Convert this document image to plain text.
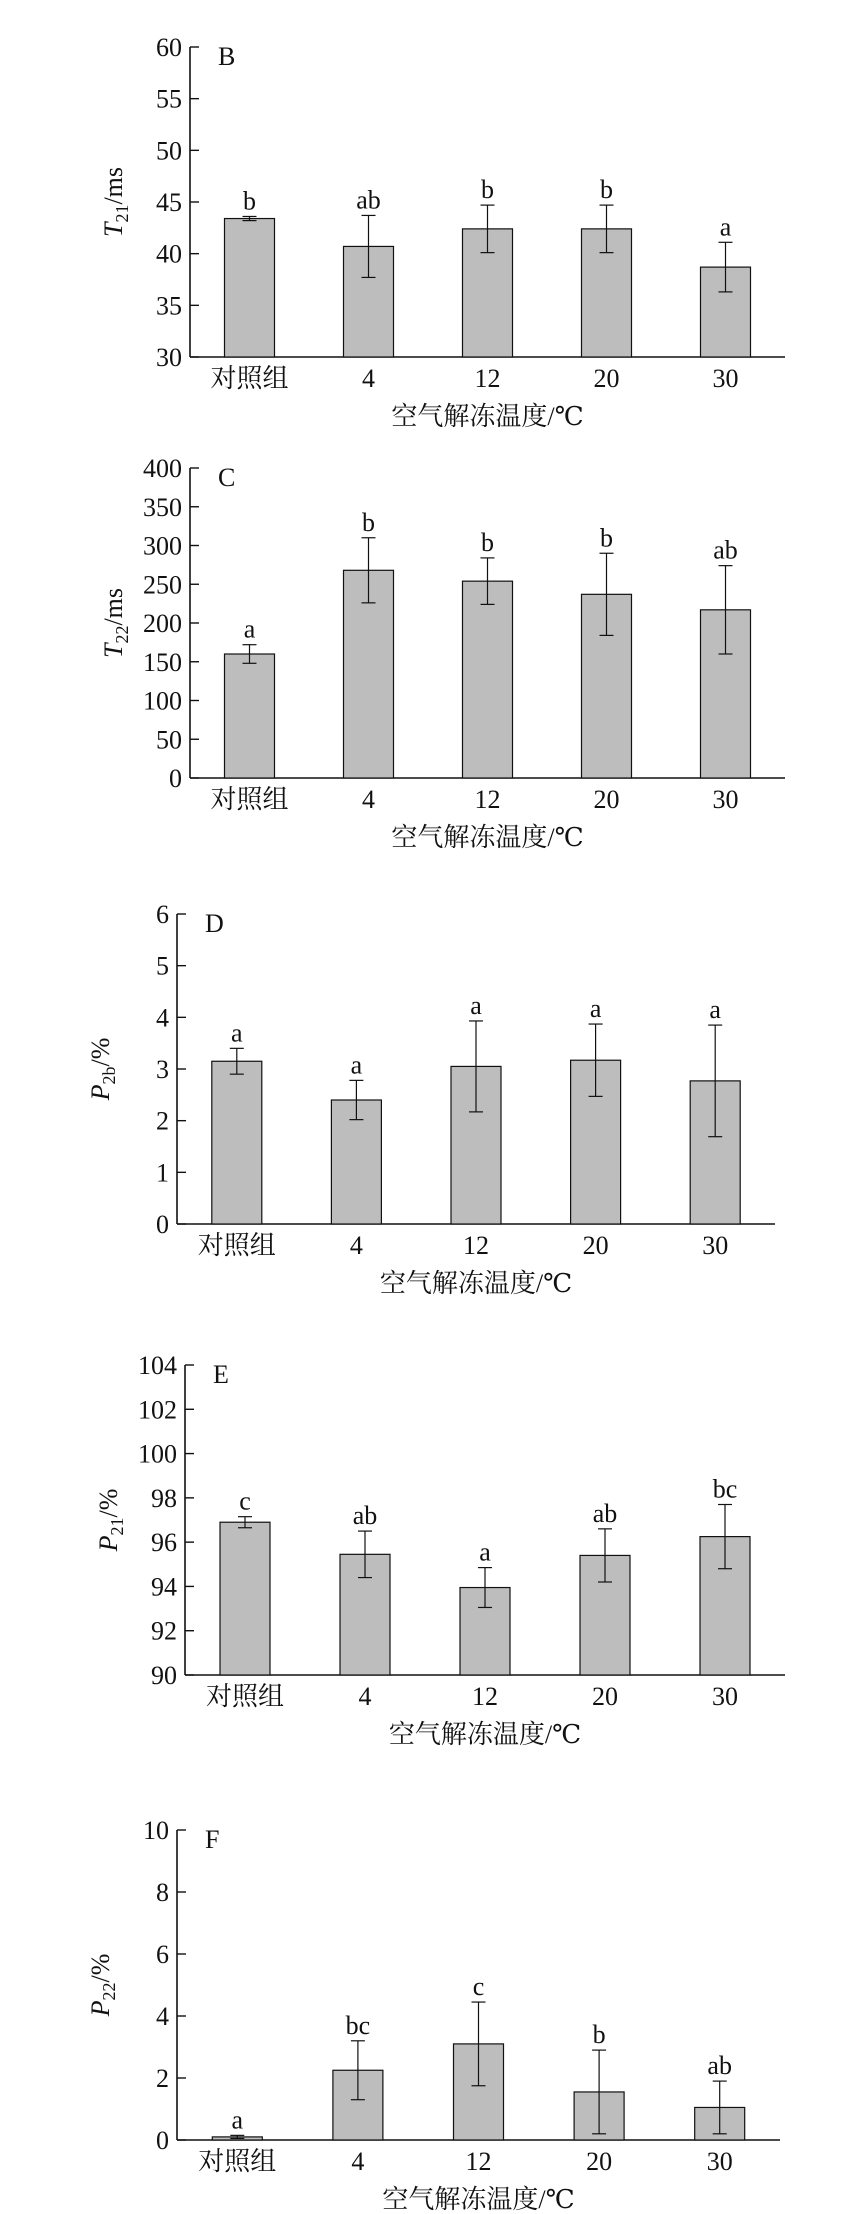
30
35
40
45
50
55
60 B
$T_{21}/ms$	b
对照组
ab
4
b
12
b
20
a
30
空气解冻温度/℃
0
50
100
150
200
250
300
350
400 C
$T_{22}/ms$
a
对照组
b
4
b
12
b
20
ab
30
空气解冻温度/℃
0
1
2
3
4
5
6 D
$P_{2b}/\%$
a
对照组
a
4
a
12
a
20
a
30
空气解冻温度/℃
90
92
94
96
98
100
102
104 E
$P_{21}/\%$	c
对照组
ab
4
a
12
ab
20
bc
30
空气解冻温度/℃
0
2
4
6
8
10 F
$P_{22}/\%$
a
对照组
bc
4
c
12
b
20
ab
30
空气解冻温度/℃
